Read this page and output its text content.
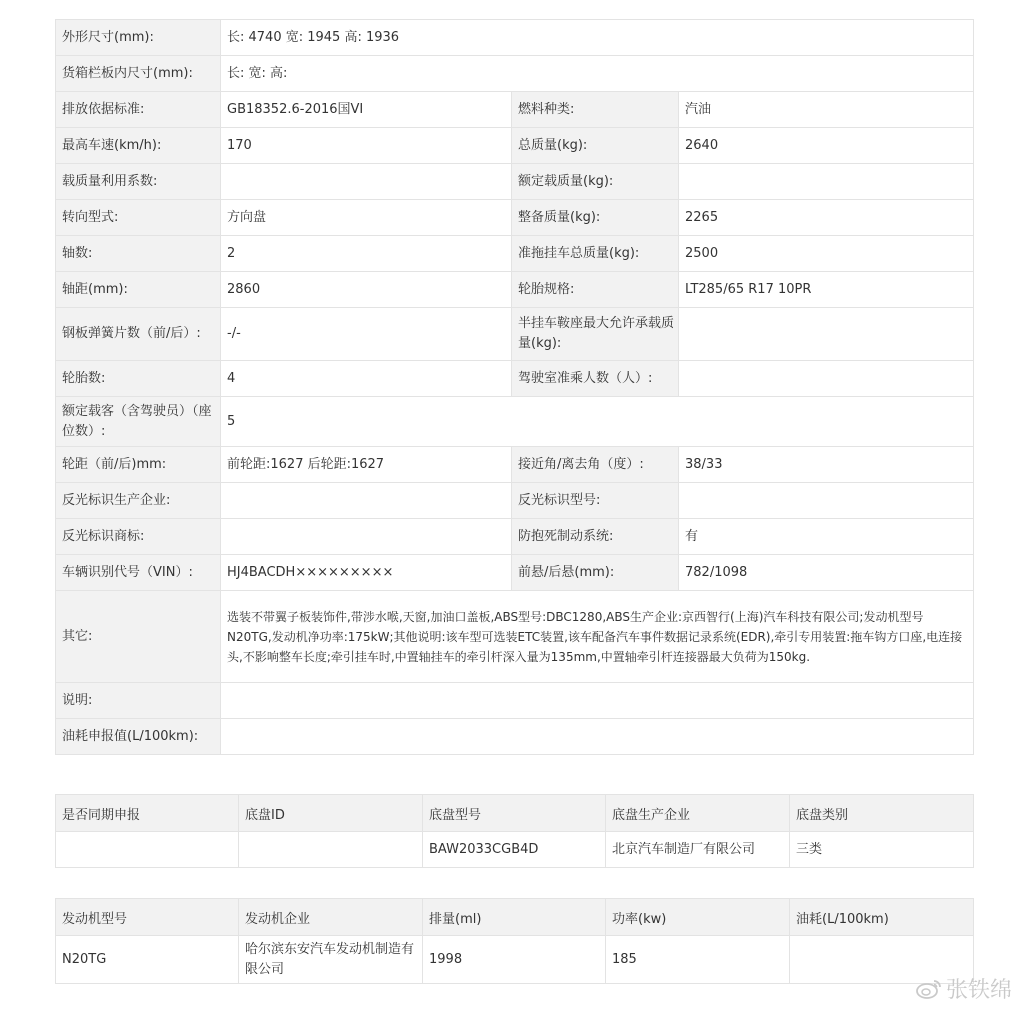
外形尺寸(mm):	长: 4740 宽: 1945 高: 1936		
货箱栏板内尺寸(mm):	长: 宽: 高:		
排放依据标准:	GB18352.6-2016国VI	燃料种类:	汽油
最高车速(km/h):	170	总质量(kg):	2640
载质量利用系数:		额定载质量(kg):	
转向型式:	方向盘	整备质量(kg):	2265
轴数:	2	准拖挂车总质量(kg):	2500
轴距(mm):	2860	轮胎规格:	LT285/65 R17 10PR
钢板弹簧片数（前/后）:	-/-	半挂车鞍座最大允许承载质量(kg):	
轮胎数:	4	驾驶室准乘人数（人）:	
额定载客（含驾驶员）（座位数）:	5		
轮距（前/后)mm:	前轮距:1627 后轮距:1627	接近角/离去角（度）:	38/33
反光标识生产企业:		反光标识型号:	
反光标识商标:		防抱死制动系统:	有
车辆识别代号（VIN）:	HJ4BACDH×××××××××	前悬/后悬(mm):	782/1098
其它:	选装不带翼子板装饰件,带涉水喉,天窗,加油口盖板,ABS型号:DBC1280,ABS生产企业:京西智行(上海)汽车科技有限公司;发动机型号N20TG,发动机净功率:175kW;其他说明:该车型可选装ETC装置,该车配备汽车事件数据记录系统(EDR),牵引专用装置:拖车钩方口座,电连接头,不影响整车长度;牵引挂车时,中置轴挂车的牵引杆深入量为135mm,中置轴牵引杆连接器最大负荷为150kg.		
说明:			
油耗申报值(L/100km):			
是否同期申报	底盘ID	底盘型号	底盘生产企业	底盘类别
		BAW2033CGB4D	北京汽车制造厂有限公司	三类
发动机型号	发动机企业	排量(ml)	功率(kw)	油耗(L/100km)
N20TG	哈尔滨东安汽车发动机制造有限公司	1998	185	
张铁绵
